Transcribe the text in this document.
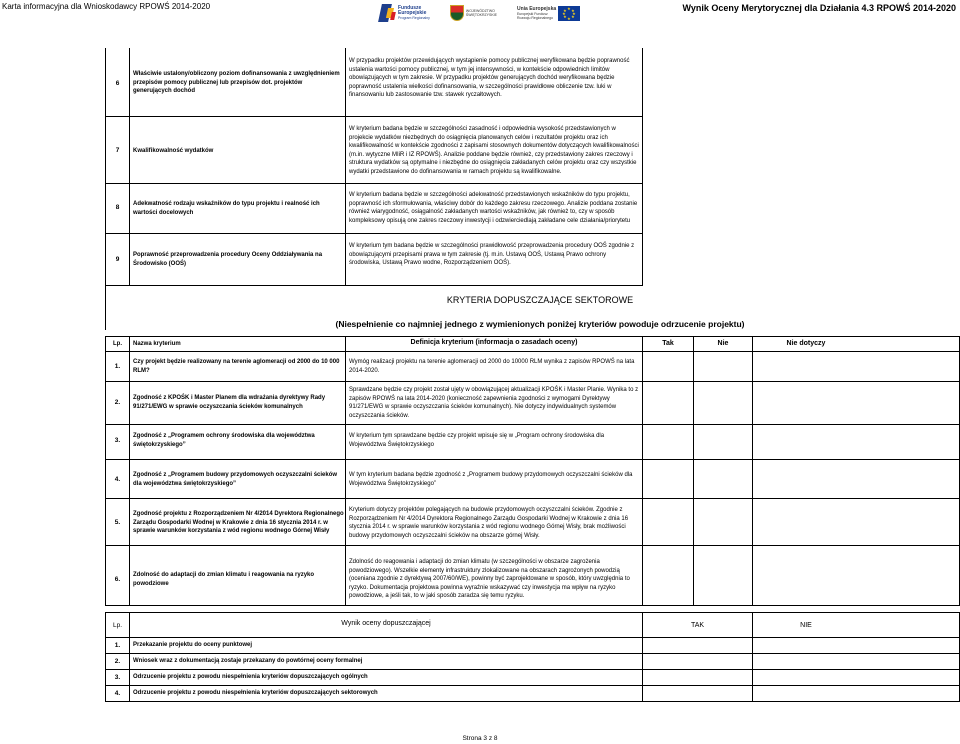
Karta informacyjna dla Wnioskodawcy RPOWŚ 2014-2020	Fundusze
Europejskie
Program Regionalny
WOJEWÓDZTWO
ŚWIĘTOKRZYSKIE
Unia Europejska
Europejski Fundusz
Rozwoju Regionalnego
★ ★
★
★
★
★
★
★	Wynik Oceny Merytorycznej dla Działania 4.3 RPOWŚ 2014-2020
6
Właściwie ustalony/obliczony poziom dofinansowania z uwzględnieniem przepisów pomocy publicznej lub przepisów dot. projektów generujących dochód
W przypadku projektów przewidujących wystąpienie pomocy publicznej weryfikowana będzie poprawność ustalenia wartości pomocy publicznej, w tym jej intensywności, w kontekście odpowiednich limitów obowiązujących w tym zakresie. W przypadku projektów generujących dochód weryfikowana będzie poprawność ustalenia wielkości dofinansowania, w szczególności prawidłowe obliczenie tzw. luki w finansowaniu lub zastosowanie tzw. stawek ryczałtowych.
7	Kwalifikowalność wydatków
W kryterium badana będzie w szczególności zasadność i odpowiednia wysokość przedstawionych w projekcie wydatków niezbędnych do osiągnięcia planowanych celów i rezultatów projektu oraz ich kwalifikowalność w kontekście zgodności z zapisami stosownych dokumentów dotyczących kwalifikowalności (m.in. wytyczne MIiR i IZ RPOWŚ). Analizie poddane będzie również, czy przedstawiony zakres rzeczowy i struktura wydatków są optymalne i niezbędne do osiągnięcia zakładanych celów projektu oraz czy wszystkie wydatki przedstawione do dofinansowania w ramach projektu są kwalifikowalne.
8	Adekwatność rodzaju wskaźników do typu projektu i realność ich wartości docelowych
W kryterium badana będzie w szczególności adekwatność przedstawionych wskaźników do typu projektu, poprawność ich sformułowania, właściwy dobór do każdego zakresu rzeczowego. Analizie poddana zostanie również wiarygodność, osiągalność zakładanych wartości wskaźników, jak również to, czy w sposób kompleksowy opisują one zakres rzeczowy inwestycji i odzwierciedlają zakładane cele działania/priorytetu
9
Poprawność przeprowadzenia procedury Oceny Oddziaływania na Środowisko (OOŚ)
W kryterium tym badana będzie w szczególności prawidłowość przeprowadzenia procedury OOŚ zgodnie z obowiązującymi przepisami prawa w tym zakresie (tj. m.in. Ustawą OOŚ, Ustawą Prawo ochrony środowiska, Ustawą Prawo wodne, Rozporządzeniem OOŚ).
KRYTERIA DOPUSZCZAJĄCE SEKTOROWE
(Niespełnienie co najmniej jednego z wymienionych poniżej kryteriów powoduje odrzucenie projektu)
Lp.	Nazwa kryterium	Definicja kryterium (informacja o zasadach oceny)	Tak	Nie	Nie dotyczy
1.
Czy projekt będzie realizowany na terenie aglomeracji od 2000 do 10 000 RLM?
Wymóg realizacji projektu na terenie aglomeracji od 2000 do 10000 RLM wynika z zapisów RPOWŚ na lata 2014-2020.
2.
Zgodność z KPOŚK i Master Planem dla wdrażania dyrektywy Rady 91/271/EWG w sprawie oczyszczania ścieków komunalnych
Sprawdzane będzie czy projekt został ujęty w obowiązującej aktualizacji KPOŚK i Master Planie. Wynika to z zapisów RPOWŚ na lata 2014-2020 (konieczność zapewnienia zgodności z wymogami Dyrektywy 91/271/EWG w sprawie oczyszczania ścieków komunalnych). Nie dotyczy indywidualnych systemów oczyszczania ścieków.
3.
Zgodność z „Programem ochrony środowiska dla województwa świętokrzyskiego”
W kryterium tym sprawdzane będzie czy projekt wpisuje się w „Program ochrony środowiska dla Województwa Świętokrzyskiego
4.
Zgodność z „Programem budowy przydomowych oczyszczalni ścieków dla województwa świętokrzyskiego”
W tym kryterium badana będzie zgodność z „Programem budowy przydomowych oczyszczalni ścieków dla Województwa Świętokrzyskiego”
5.
Zgodność projektu z Rozporządzeniem Nr 4/2014 Dyrektora Regionalnego Zarządu Gospodarki Wodnej w Krakowie z dnia 16 stycznia 2014 r. w sprawie warunków korzystania z wód regionu wodnego Górnej Wisły
Kryterium dotyczy projektów polegających na budowie przydomowych oczyszczalni ścieków. Zgodnie z Rozporządzeniem Nr 4/2014 Dyrektora Regionalnego Zarządu Gospodarki Wodnej w Krakowie z dnia 16 stycznia 2014 r. w sprawie warunków korzystania z wód regionu wodnego Górnej Wisły, brak możliwości budowy przydomowych oczyszczalni ścieków na obszarze górnej Wisły.
6.
Zdolność do adaptacji do zmian klimatu i reagowania na ryzyko powodziowe
Zdolność do reagowania i adaptacji do zmian klimatu (w szczególności w obszarze zagrożenia powodziowego). Wszelkie elementy infrastruktury zlokalizowane na obszarach zagrożonych powodzią (oceniana zgodnie z dyrektywą 2007/60/WE), powinny być zaprojektowane w sposób, który uwzględnia to ryzyko. Dokumentacja projektowa powinna wyraźnie wskazywać czy inwestycja ma wpływ na ryzyko powodziowe, a jeśli tak, to w jaki sposób zaradza się temu ryzyku.
Lp.	Wynik oceny dopuszczającej	TAK	NIE
1.	Przekazanie projektu do oceny punktowej
2.	Wniosek wraz z dokumentacją zostaje przekazany do powtórnej oceny formalnej
3.	Odrzucenie projektu z powodu niespełnienia kryteriów dopuszczających ogólnych
4.	Odrzucenie projektu z powodu niespełnienia kryteriów dopuszczających sektorowych
Strona 3 z 8
